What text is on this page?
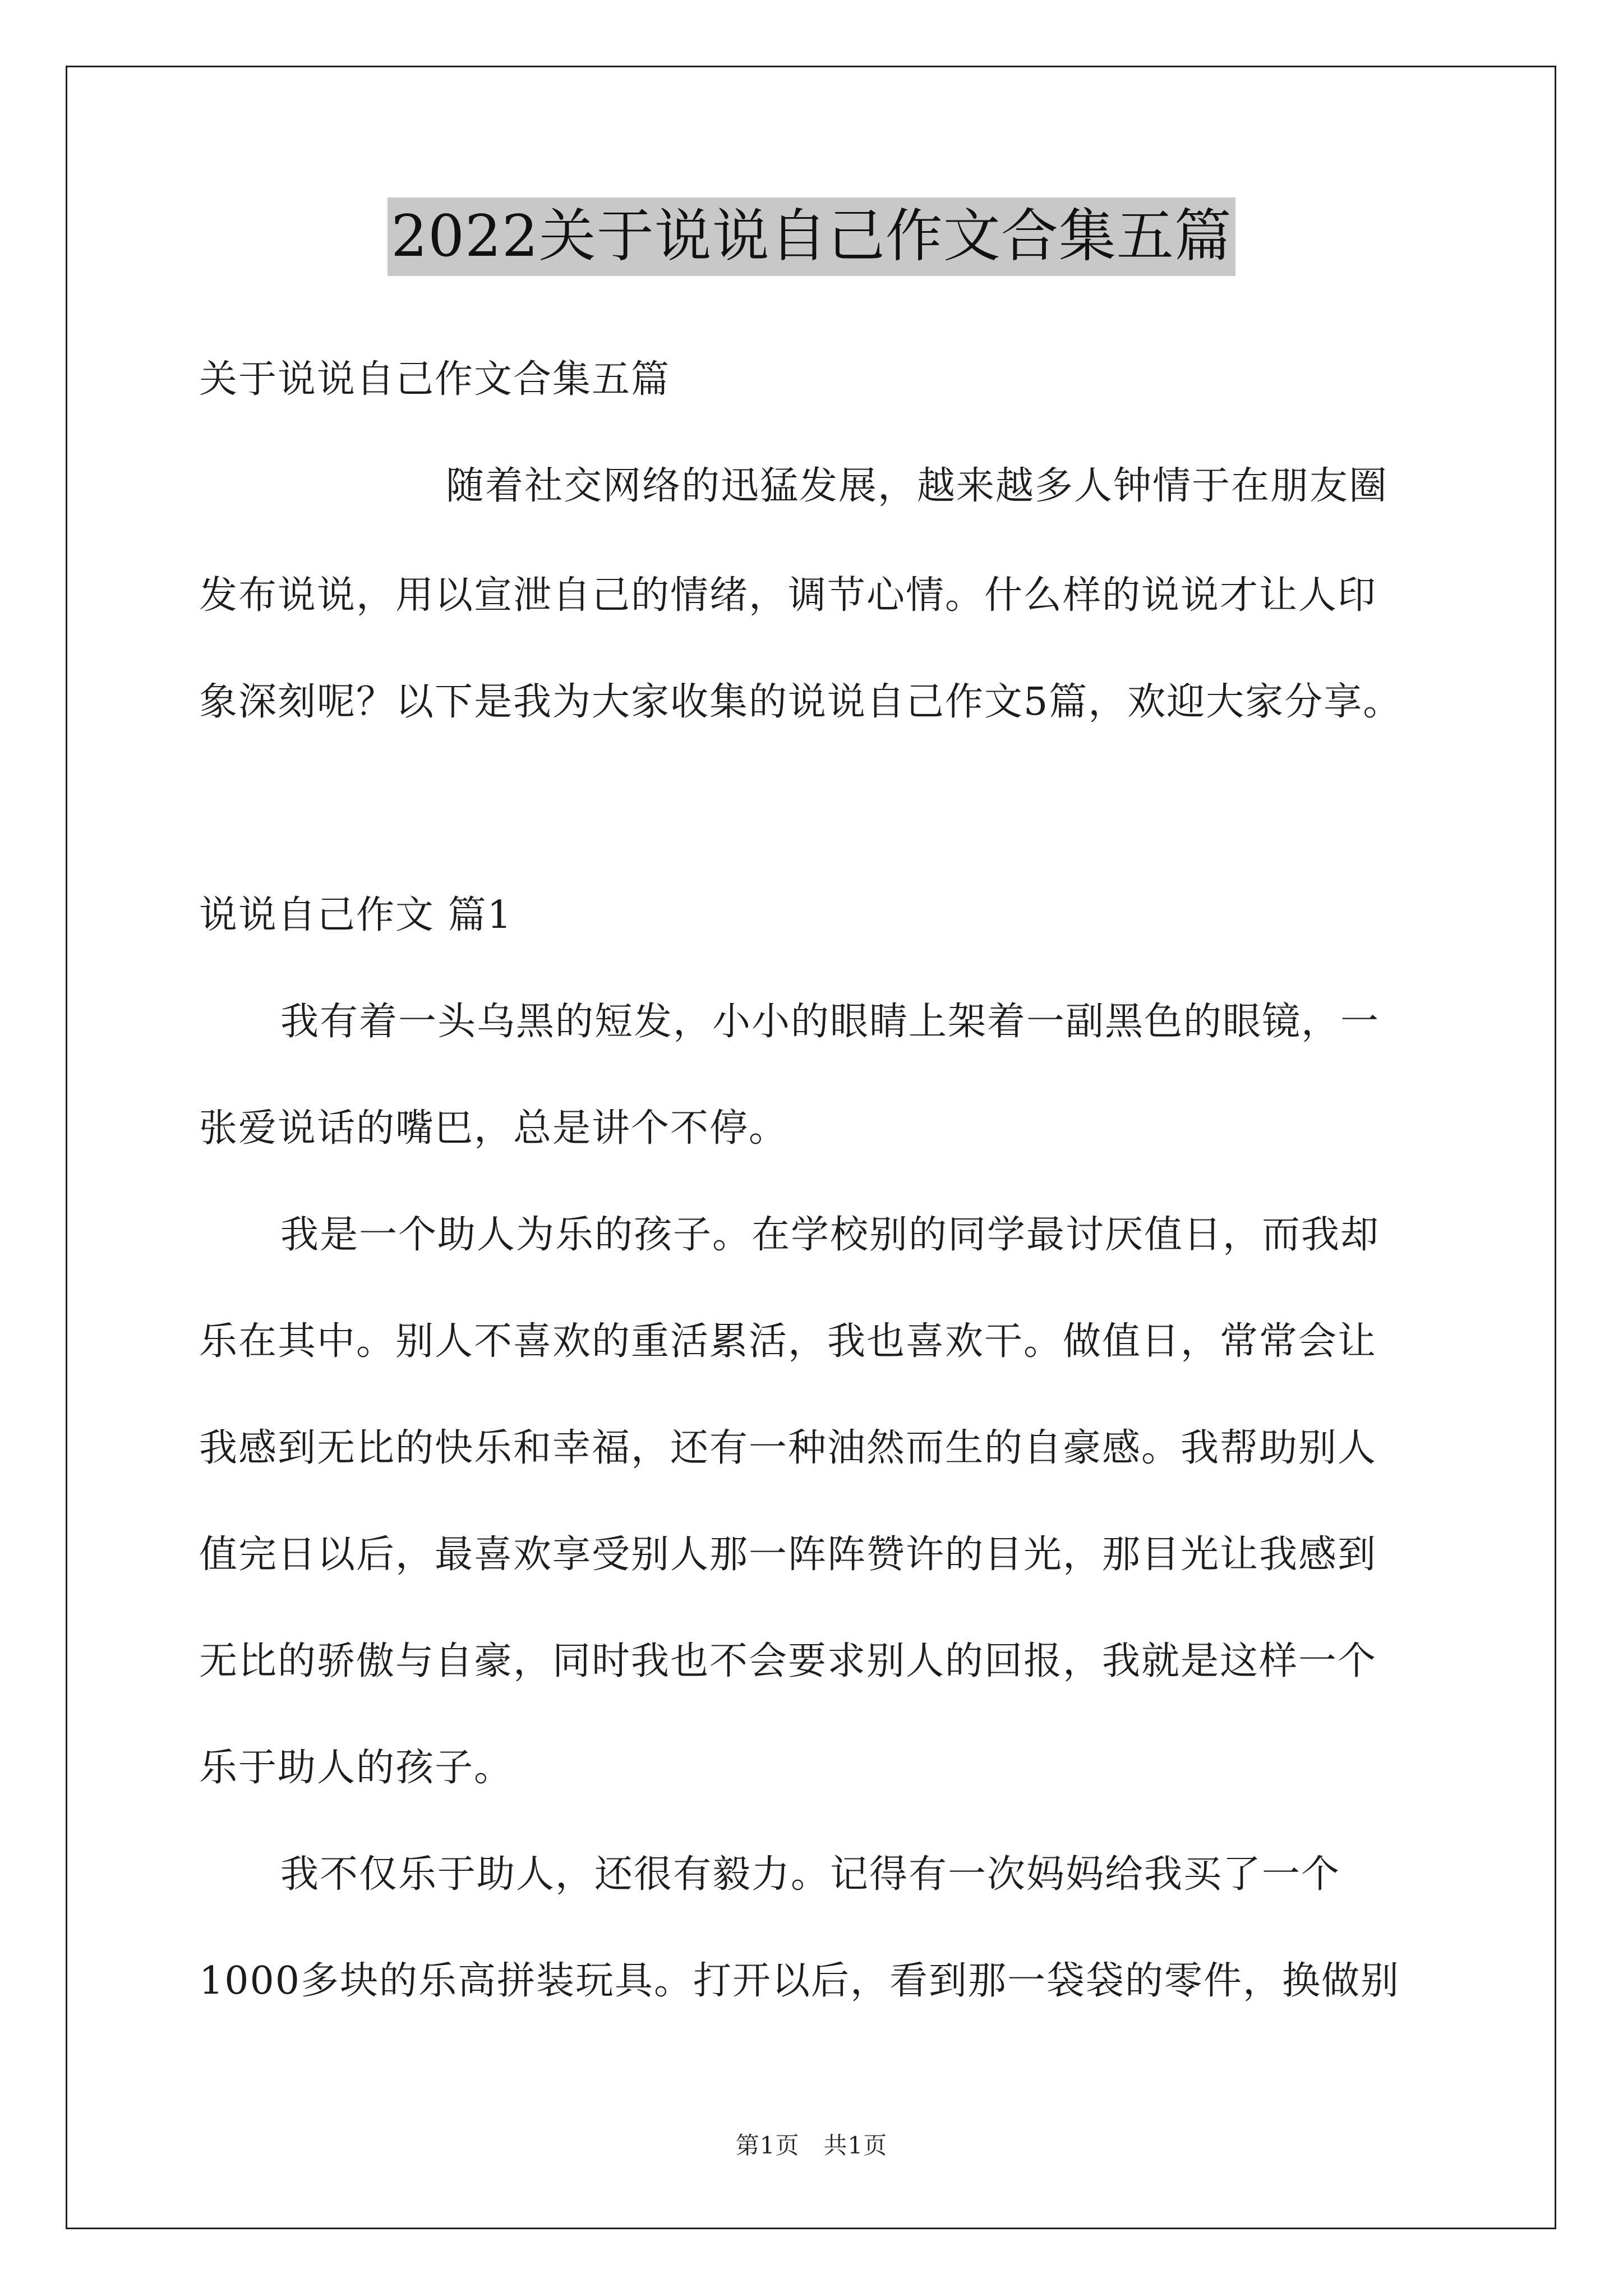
2022关于说说自己作文合集五篇
关于说说自己作文合集五篇
随着社交网络的迅猛发展，越来越多人钟情于在朋友圈
发布说说，用以宣泄自己的情绪，调节心情。什么样的说说才让人印
象深刻呢？以下是我为大家收集的说说自己作文5篇，欢迎大家分享。
说说自己作文 篇1
我有着一头乌黑的短发，小小的眼睛上架着一副黑色的眼镜，一
张爱说话的嘴巴，总是讲个不停。
我是一个助人为乐的孩子。在学校别的同学最讨厌值日，而我却
乐在其中。别人不喜欢的重活累活，我也喜欢干。做值日，常常会让
我感到无比的快乐和幸福，还有一种油然而生的自豪感。我帮助别人
值完日以后，最喜欢享受别人那一阵阵赞许的目光，那目光让我感到
无比的骄傲与自豪，同时我也不会要求别人的回报，我就是这样一个
乐于助人的孩子。
我不仅乐于助人，还很有毅力。记得有一次妈妈给我买了一个
1000多块的乐高拼装玩具。打开以后，看到那一袋袋的零件，换做别
第1页　共1页
